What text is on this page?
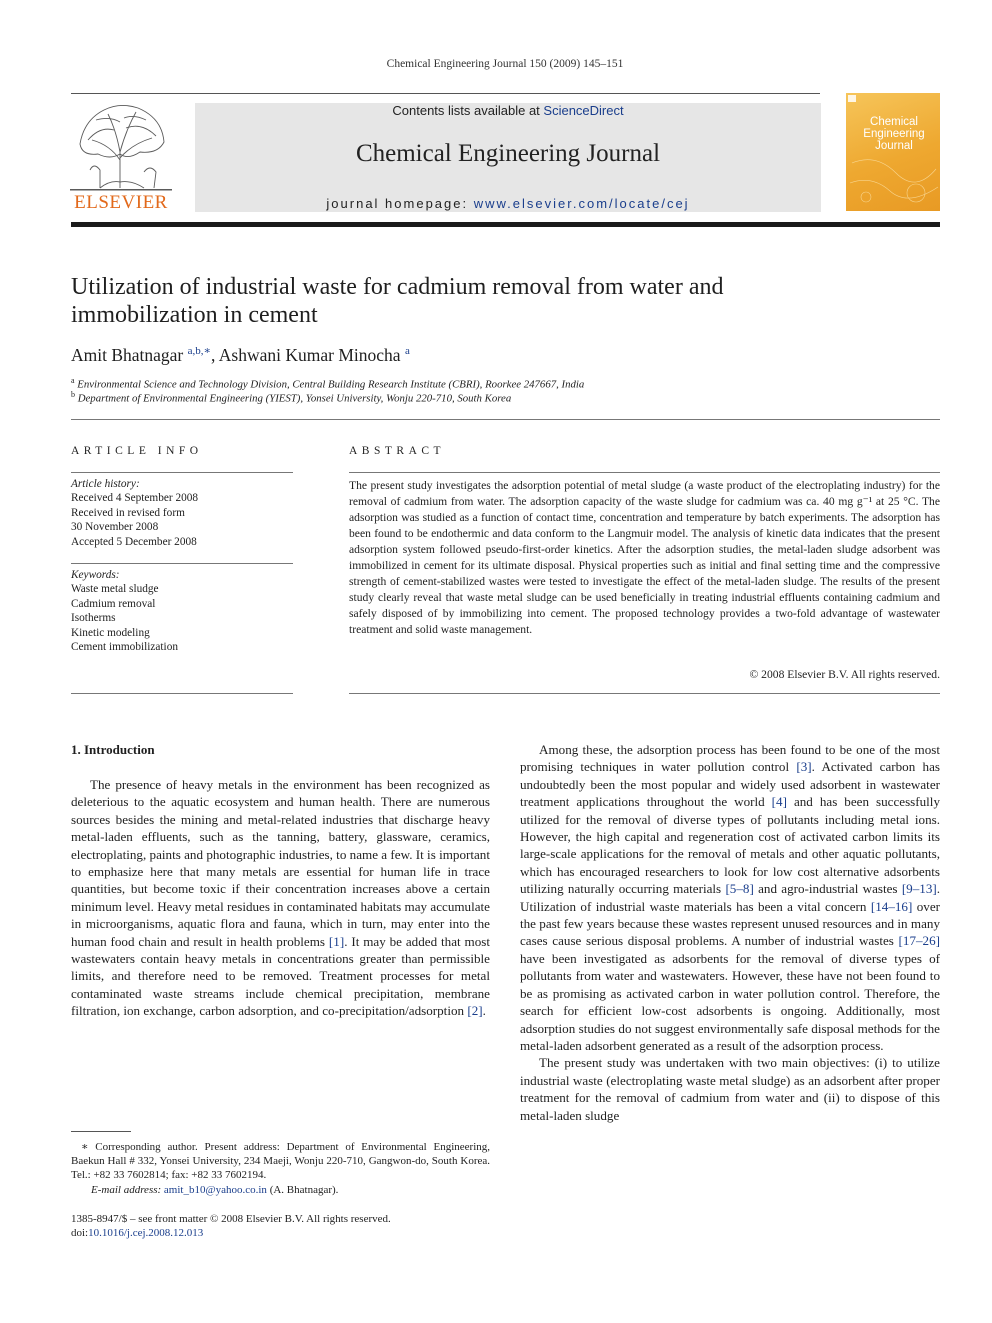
Chemical Engineering Journal 150 (2009) 145–151
ELSEVIER
Contents lists available at ScienceDirect
Chemical Engineering Journal
journal homepage: www.elsevier.com/locate/cej
Chemical Engineering Journal
Utilization of industrial waste for cadmium removal from water and immobilization in cement
Amit Bhatnagar $^{a,b,∗}$, Ashwani Kumar Minocha $^a$
$^a$ Environmental Science and Technology Division, Central Building Research Institute (CBRI), Roorkee 247667, India
$^b$ Department of Environmental Engineering (YIEST), Yonsei University, Wonju 220-710, South Korea
ARTICLE INFO
Article history:
Received 4 September 2008
Received in revised form
30 November 2008
Accepted 5 December 2008
Keywords:
Waste metal sludge
Cadmium removal
Isotherms
Kinetic modeling
Cement immobilization
ABSTRACT
The present study investigates the adsorption potential of metal sludge (a waste product of the electroplating industry) for the removal of cadmium from water. The adsorption capacity of the waste sludge for cadmium was ca. 40 mg g⁻¹ at 25 °C. The adsorption was studied as a function of contact time, concentration and temperature by batch experiments. The adsorption has been found to be endothermic and data conform to the Langmuir model. The analysis of kinetic data indicates that the present adsorption system followed pseudo-first-order kinetics. After the adsorption studies, the metal-laden sludge adsorbent was immobilized in cement for its ultimate disposal. Physical properties such as initial and final setting time and the compressive strength of cement-stabilized wastes were tested to investigate the effect of the metal-laden sludge. The results of the present study clearly reveal that waste metal sludge can be used beneficially in treating industrial effluents containing cadmium and safely disposed of by immobilizing into cement. The proposed technology provides a two-fold advantage of wastewater treatment and solid waste management.
© 2008 Elsevier B.V. All rights reserved.
1. Introduction

The presence of heavy metals in the environment has been recognized as deleterious to the aquatic ecosystem and human health. There are numerous sources besides the mining and metal-related industries that discharge heavy metal-laden effluents, such as the tanning, battery, glassware, ceramics, electroplating, paints and photographic industries, to name a few. It is important to emphasize here that many metals are essential for human life in trace quantities, but become toxic if their concentration increases above a certain minimum level. Heavy metal residues in contaminated habitats may accumulate in microorganisms, aquatic flora and fauna, which in turn, may enter into the human food chain and result in health problems [1]. It may be added that most wastewaters contain heavy metals in concentrations greater than permissible limits, and therefore need to be removed. Treatment processes for metal contaminated waste streams include chemical precipitation, membrane filtration, ion exchange, carbon adsorption, and co-precipitation/adsorption [2].

Among these, the adsorption process has been found to be one of the most promising techniques in water pollution control [3]. Activated carbon has undoubtedly been the most popular and widely used adsorbent in wastewater treatment applications throughout the world [4] and has been successfully utilized for the removal of diverse types of pollutants including metal ions. However, the high capital and regeneration cost of activated carbon limits its large-scale applications for the removal of metals and other aquatic pollutants, which has encouraged researchers to look for low cost alternative adsorbents utilizing naturally occurring materials [5–8] and agro-industrial wastes [9–13]. Utilization of industrial waste materials has been a vital concern [14–16] over the past few years because these wastes represent unused resources and in many cases cause serious disposal problems. A number of industrial wastes [17–26] have been investigated as adsorbents for the removal of diverse types of pollutants from water and wastewaters. However, these have not been found to be as promising as activated carbon in water pollution control. Therefore, the search for efficient low-cost adsorbents is ongoing. Additionally, most adsorption studies do not suggest environmentally safe disposal methods for the metal-laden adsorbent generated as a result of the adsorption process.

The present study was undertaken with two main objectives: (i) to utilize industrial waste (electroplating waste metal sludge) as an adsorbent after proper treatment for the removal of cadmium from water and (ii) to dispose of this metal-laden sludge

∗ Corresponding author. Present address: Department of Environmental Engineering, Baekun Hall # 332, Yonsei University, 234 Maeji, Wonju 220-710, Gangwon-do, South Korea. Tel.: +82 33 7602814; fax: +82 33 7602194.
E-mail address: amit_b10@yahoo.co.in (A. Bhatnagar).
1385-8947/$ – see front matter © 2008 Elsevier B.V. All rights reserved.
doi:10.1016/j.cej.2008.12.013
